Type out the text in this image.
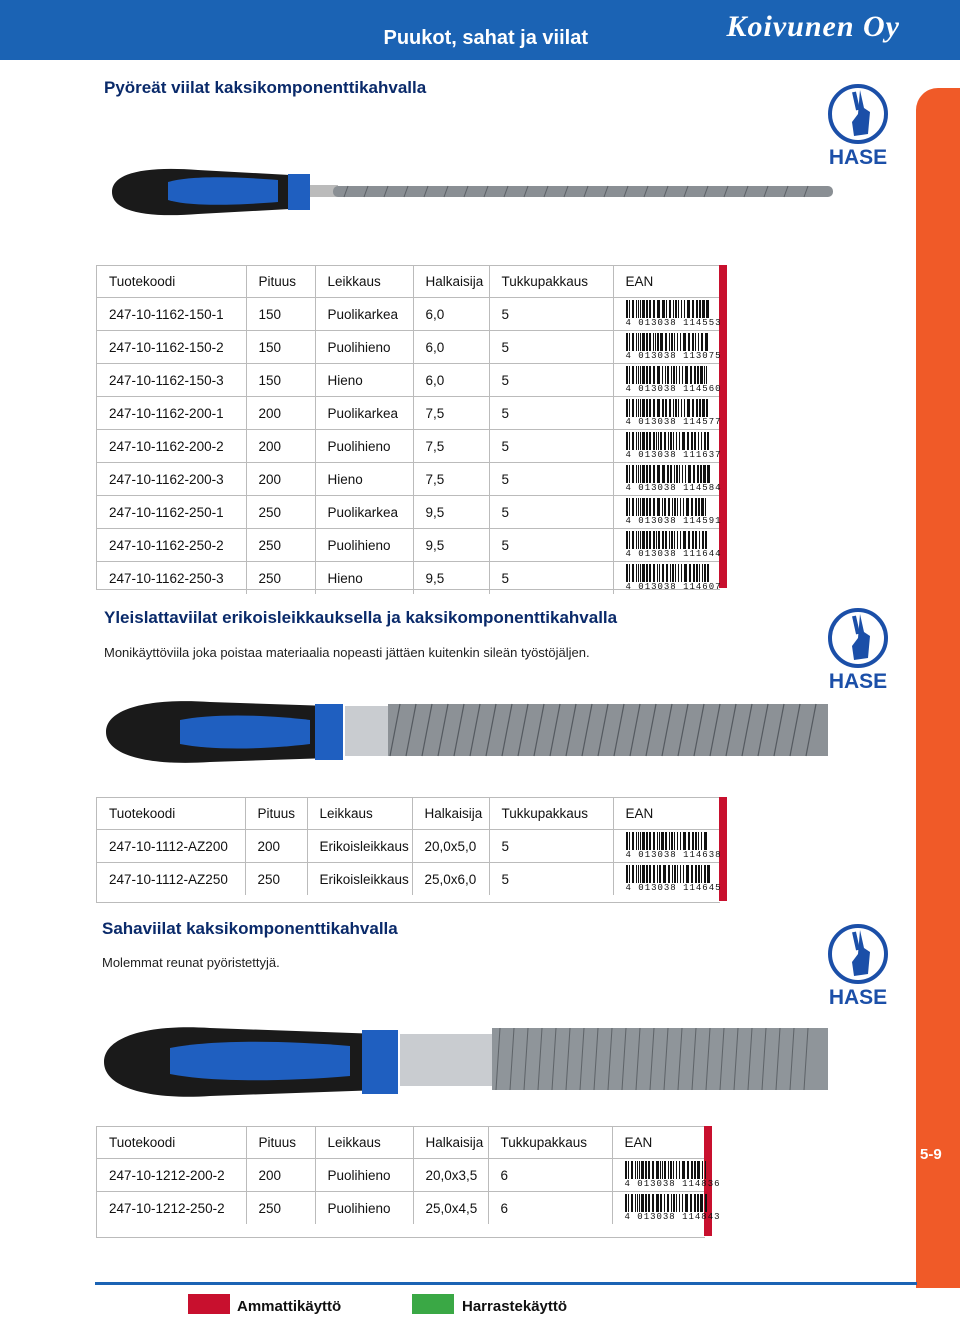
Puukot, sahat ja viilat	Koivunen Oy
5-9
Pyöreät viilat kaksikomponenttikahvalla
HASE
Tuotekoodi	Pituus	Leikkaus	Halkaisija	Tukkupakkaus	EAN
247-10-1162-150-1	150	Puolikarkea	6,0	5	4 013038 114553

247-10-1162-150-2	150	Puolihieno	6,0	5	4 013038 113075

247-10-1162-150-3	150	Hieno	6,0	5	4 013038 114560

247-10-1162-200-1	200	Puolikarkea	7,5	5	4 013038 114577

247-10-1162-200-2	200	Puolihieno	7,5	5	4 013038 111637

247-10-1162-200-3	200	Hieno	7,5	5	4 013038 114584

247-10-1162-250-1	250	Puolikarkea	9,5	5	4 013038 114591

247-10-1162-250-2	250	Puolihieno	9,5	5	4 013038 111644

247-10-1162-250-3	250	Hieno	9,5	5	4 013038 114607
Yleislattaviilat erikoisleikkauksella ja kaksikomponenttikahvalla

Monikäyttöviila joka poistaa materiaalia nopeasti jättäen kuitenkin sileän työstöjäljen.

HASE
Tuotekoodi	Pituus	Leikkaus	Halkaisija	Tukkupakkaus	EAN
247-10-1112-AZ200	200	Erikoisleikkaus	20,0x5,0	5	4 013038 114638

247-10-1112-AZ250	250	Erikoisleikkaus	25,0x6,0	5	4 013038 114645
Sahaviilat kaksikomponenttikahvalla

Molemmat reunat pyöristettyjä.

HASE
Tuotekoodi	Pituus	Leikkaus	Halkaisija	Tukkupakkaus	EAN
247-10-1212-200-2	200	Puolihieno	20,0x3,5	6	4 013038 114836

247-10-1212-250-2	250	Puolihieno	25,0x4,5	6	4 013038 114843
Ammattikäyttö	Harrastekäyttö
